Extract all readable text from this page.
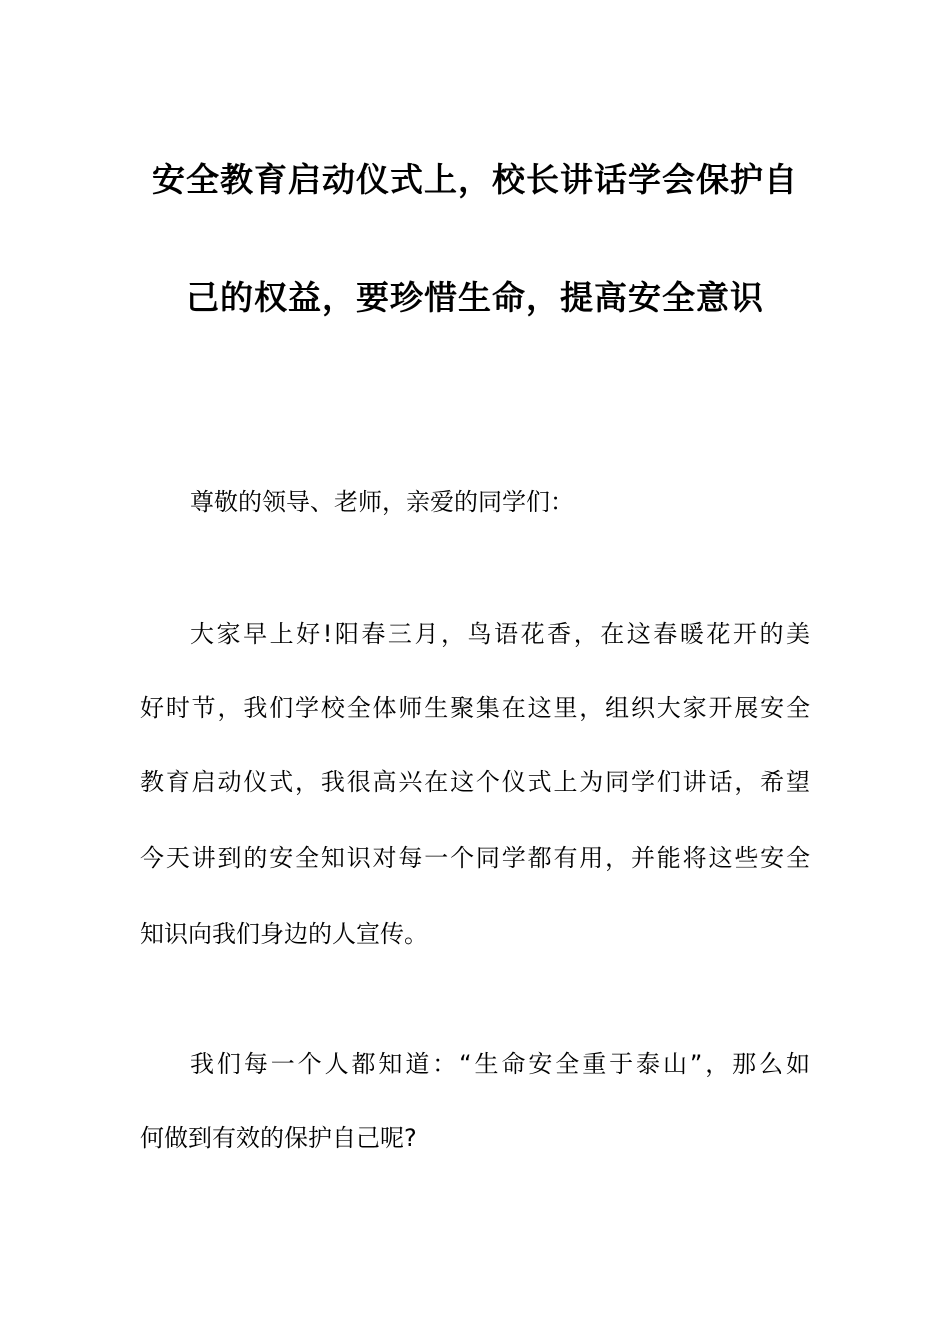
安全教育启动仪式上，校长讲话学会保护自
己的权益，要珍惜生命，提高安全意识
尊敬的领导、老师，亲爱的同学们：
大家早上好!阳春三月，鸟语花香，在这春暖花开的美
好时节，我们学校全体师生聚集在这里，组织大家开展安全
教育启动仪式，我很高兴在这个仪式上为同学们讲话，希望
今天讲到的安全知识对每一个同学都有用，并能将这些安全
知识向我们身边的人宣传。
我们每一个人都知道：“生命安全重于泰山”，那么如
何做到有效的保护自己呢?
